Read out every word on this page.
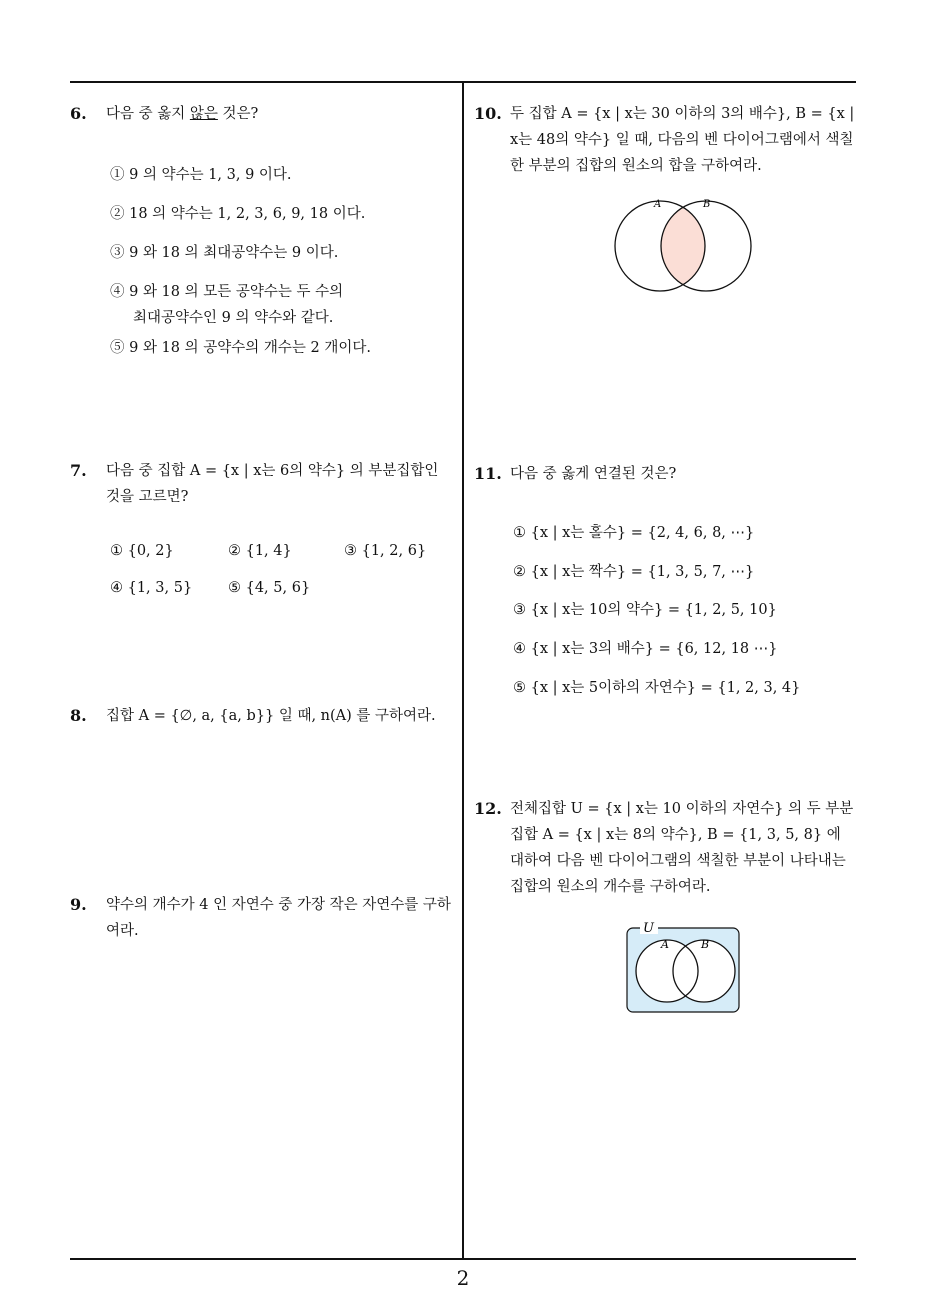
2
6. 다음 중 옳지 않은 것은?
① 9 의 약수는 1, 3, 9 이다.
② 18 의 약수는 1, 2, 3, 6, 9, 18 이다.
③ 9 와 18 의 최대공약수는 9 이다.
④ 9 와 18 의 모든 공약수는 두 수의
최대공약수인 9 의 약수와 같다.
⑤ 9 와 18 의 공약수의 개수는 2 개이다.
7. 다음 중 집합 A = {x | x는 6의 약수} 의 부분집합인 것을 고르면?
① {0, 2}	② {1, 4}	③ {1, 2, 6}
④ {1, 3, 5} ⑤ {4, 5, 6}
8. 집합 A = {∅, a, {a, b}} 일 때, n(A) 를 구하여라.
9. 약수의 개수가 4 인 자연수 중 가장 작은 자연수를 구하여라.
10. 두 집합 A = {x | x는 30 이하의 3의 배수}, B = {x | x는 48의 약수} 일 때, 다음의 벤 다이어그램에서 색칠한 부분의 집합의 원소의 합을 구하여라.
A	B
11. 다음 중 옳게 연결된 것은?
① {x | x는 홀수} = {2, 4, 6, 8, ⋯}
② {x | x는 짝수} = {1, 3, 5, 7, ⋯}
③ {x | x는 10의 약수} = {1, 2, 5, 10}
④ {x | x는 3의 배수} = {6, 12, 18 ⋯}
⑤ {x | x는 5이하의 자연수} = {1, 2, 3, 4}
12. 전체집합 U = {x | x는 10 이하의 자연수} 의 두 부분집합 A = {x | x는 8의 약수}, B = {1, 3, 5, 8} 에 대하여 다음 벤 다이어그램의 색칠한 부분이 나타내는 집합의 원소의 개수를 구하여라.
U
A	B
